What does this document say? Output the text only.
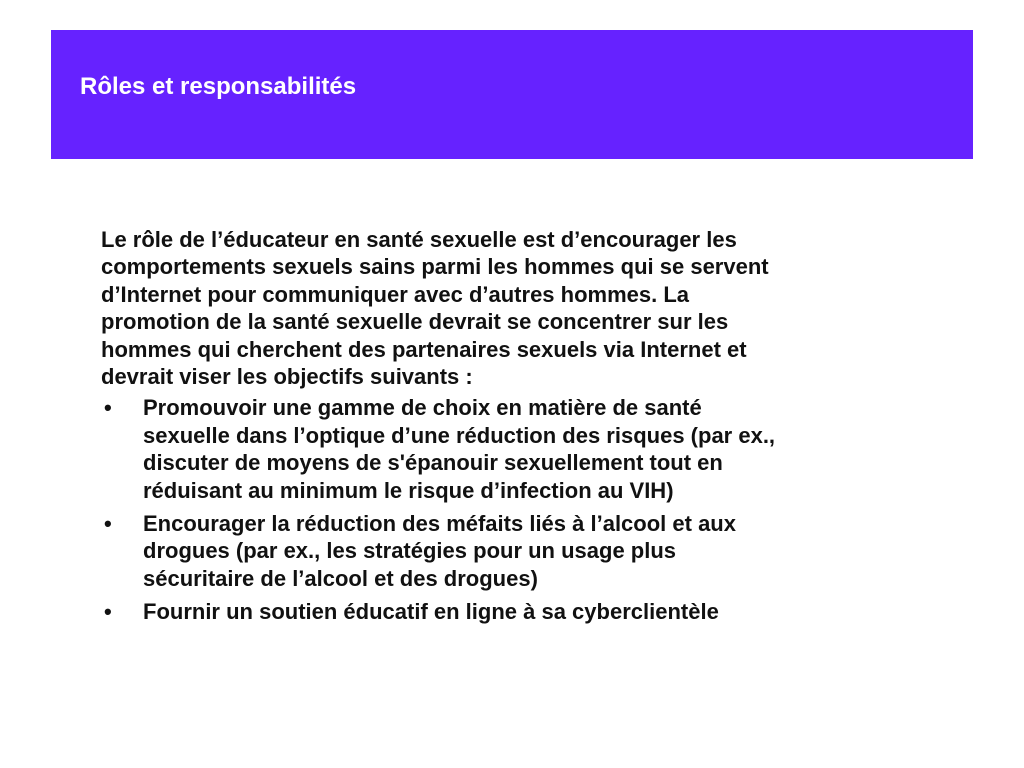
Rôles et responsabilités

Le rôle de l’éducateur en santé sexuelle est d’encourager les
comportements sexuels sains parmi les hommes qui se servent
d’Internet pour communiquer avec d’autres hommes. La
promotion de la santé sexuelle devrait se concentrer sur les
hommes qui cherchent des partenaires sexuels via Internet et
devrait viser les objectifs suivants :

• Promouvoir une gamme de choix en matière de santé
sexuelle dans l’optique d’une réduction des risques (par ex.,
discuter de moyens de s'épanouir sexuellement tout en
réduisant au minimum le risque d’infection au VIH)
• Encourager la réduction des méfaits liés à l’alcool et aux
drogues (par ex., les stratégies pour un usage plus
sécuritaire de l’alcool et des drogues)
• Fournir un soutien éducatif en ligne à sa cyberclientèle
